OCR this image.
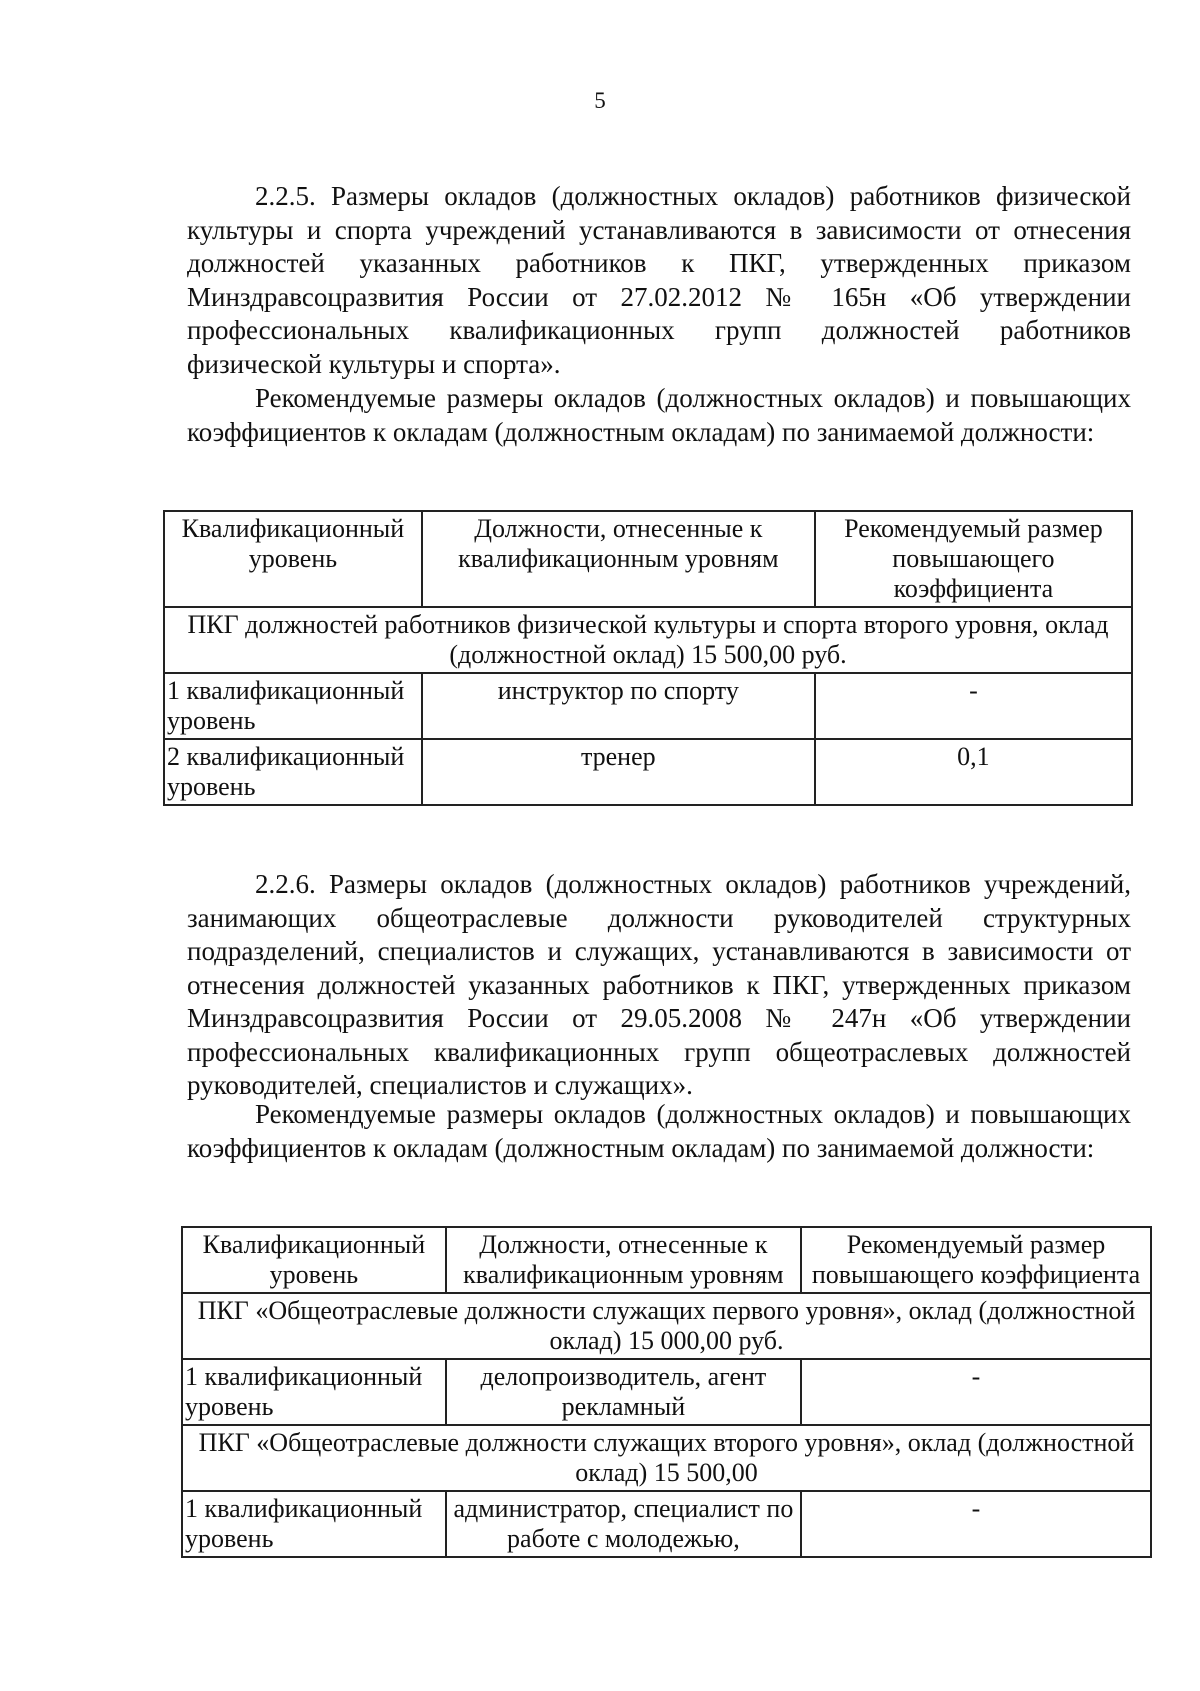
5

2.2.5. Размеры окладов (должностных окладов) работников физической культуры и спорта учреждений устанавливаются в зависимости от отнесения должностей указанных работников к ПКГ, утвержденных приказом Минздравсоцразвития России от 27.02.2012 № 165н «Об утверждении профессиональных квалификационных групп должностей работников физической культуры и спорта».

Рекомендуемые размеры окладов (должностных окладов) и повышающих коэффициентов к окладам (должностным окладам) по занимаемой должности:

Квалификационный уровень	Должности, отнесенные к квалификационным уровням	Рекомендуемый размер повышающего коэффициента
ПКГ должностей работников физической культуры и спорта второго уровня, оклад (должностной оклад) 15 500,00 руб.		
1 квалификационный уровень	инструктор по спорту	-
2 квалификационный уровень	тренер	0,1

2.2.6. Размеры окладов (должностных окладов) работников учреждений, занимающих общеотраслевые должности руководителей структурных подразделений, специалистов и служащих, устанавливаются в зависимости от отнесения должностей указанных работников к ПКГ, утвержденных приказом Минздравсоцразвития России от 29.05.2008 № 247н «Об утверждении профессиональных квалификационных групп общеотраслевых должностей руководителей, специалистов и служащих».

Рекомендуемые размеры окладов (должностных окладов) и повышающих коэффициентов к окладам (должностным окладам) по занимаемой должности:

Квалификационный уровень	Должности, отнесенные к квалификационным уровням	Рекомендуемый размер повышающего коэффициента
ПКГ «Общеотраслевые должности служащих первого уровня», оклад (должностной оклад) 15 000,00 руб.		
1 квалификационный уровень	делопроизводитель, агент рекламный	-
ПКГ «Общеотраслевые должности служащих второго уровня», оклад (должностной оклад) 15 500,00		
1 квалификационный уровень	администратор, специалист по работе с молодежью,	-
